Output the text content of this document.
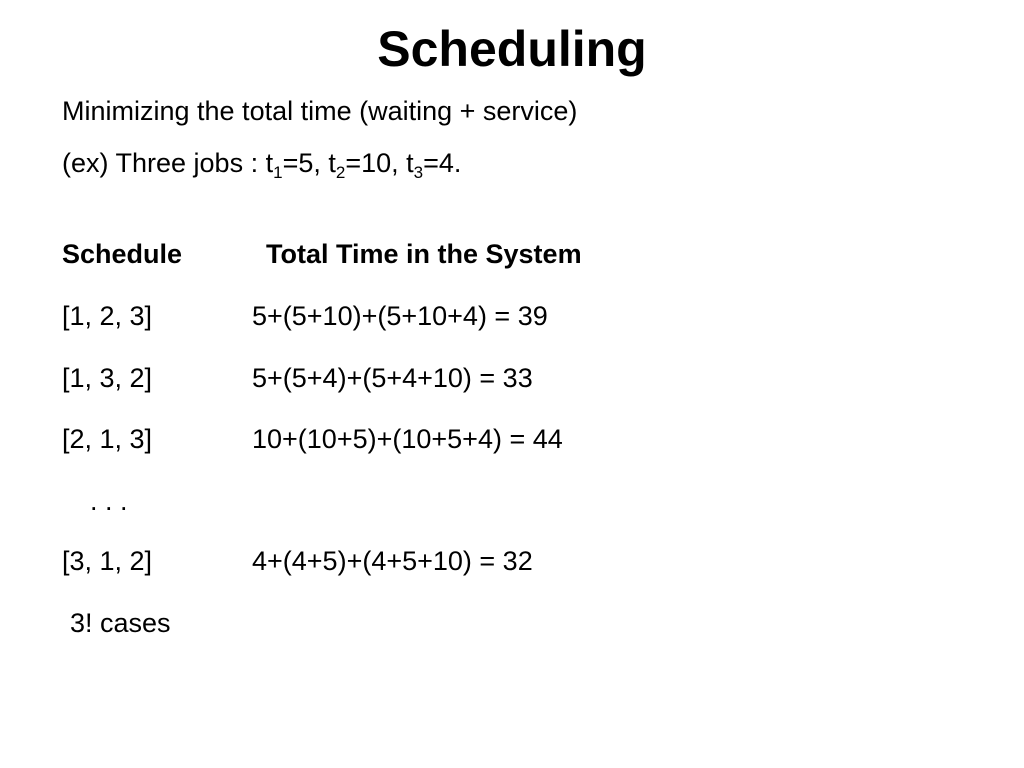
Scheduling
Minimizing the total time (waiting + service)
(ex) Three jobs : $t_1=5$, $t_2=10$, $t_3=4$.
Schedule	Total Time in the System
[1, 2, 3]	5+(5+10)+(5+10+4) = 39
[1, 3, 2]	5+(5+4)+(5+4+10) = 33
[2, 1, 3]	10+(10+5)+(10+5+4) = 44
. . .
[3, 1, 2]	4+(4+5)+(4+5+10) = 32
3! cases
